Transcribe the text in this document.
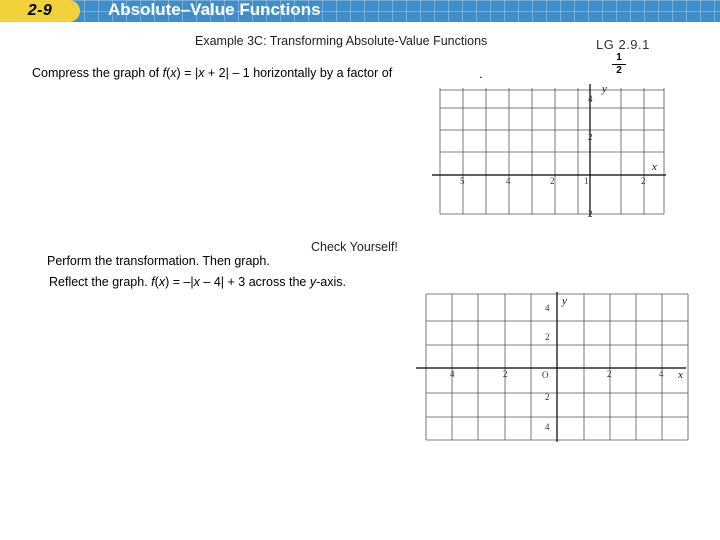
2-9	Absolute–Value Functions
Example 3C: Transforming Absolute-Value Functions	LG 2.9.1
Compress the graph of f(x) = |x + 2| – 1 horizontally by a factor of
1
2
.
Check Yourself!
Perform the transformation. Then graph.
Reflect the graph. f(x) = –|x – 4| + 3 across the y-axis.
5	4	2	1	2
4
2
2
x
y
4	2	O	2	4
4
2
2
4
x
y
